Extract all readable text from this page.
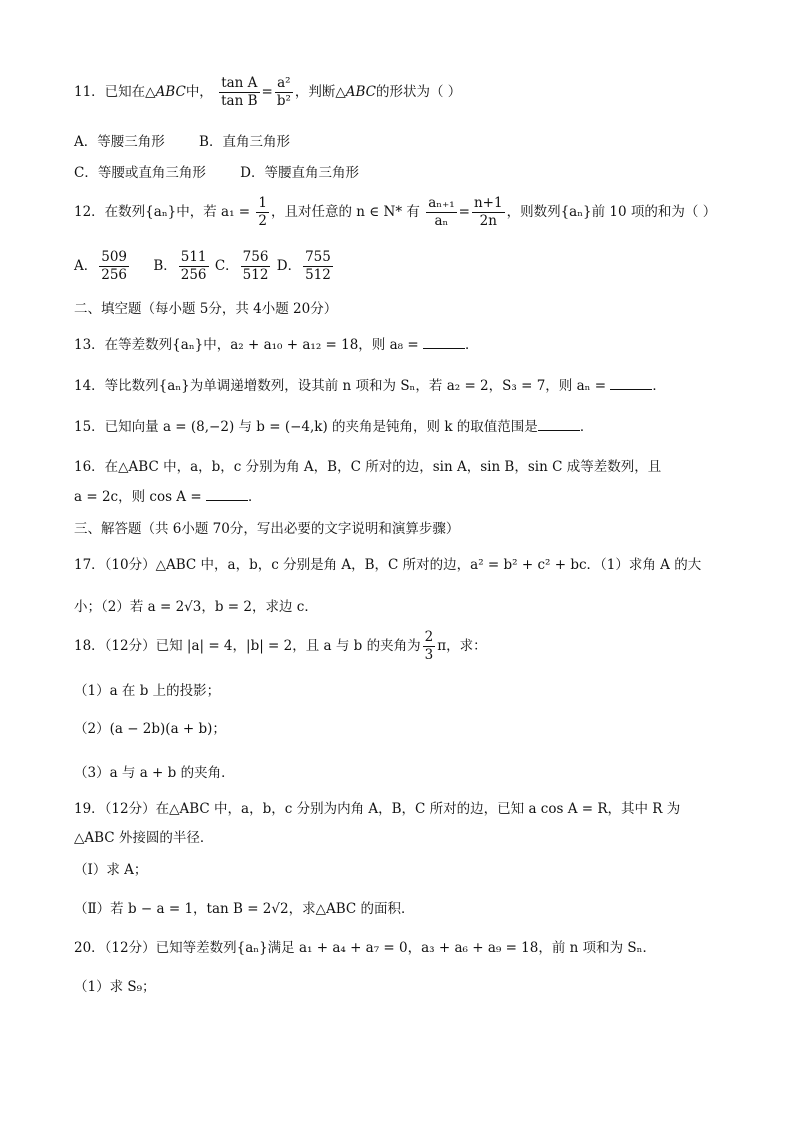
11．已知在△ABC中， $\frac{\text{tan A}}{\text{tan B}} = \frac{\text{a²}}{\text{b²}}$ ，判断△ABC的形状为（ ）
A．等腰三角形	B．直角三角形
C．等腰或直角三角形	D．等腰直角三角形
12．在数列{aₙ}中，若 $a_1 = \frac{1}{2}$ ，且对任意的 n ∈ N* 有 $\frac{\text{aₙ₊₁}}{\text{aₙ}} = \frac{n+1}{2n}$ ，则数列{aₙ}前 10 项的和为（ ）
A． $\frac{509}{256}$ B． $\frac{511}{256}$ C． $\frac{756}{512}$ D． $\frac{755}{512}$
二、填空题（每小题 5分，共 4小题 20分）
13．在等差数列{aₙ}中，a₂ + a₁₀ + a₁₂ = 18，则 a₈ =	．
14．等比数列{aₙ}为单调递增数列，设其前 n 项和为 Sₙ，若 a₂ = 2，S₃ = 7，则 aₙ =	．
15．已知向量 a = (8,−2) 与 b = (−4,k) 的夹角是钝角，则 k 的取值范围是	．
16．在△ABC 中，a，b，c 分别为角 A，B，C 所对的边，sin A，sin B，sin C 成等差数列，且
a = 2c，则 cos A =	．
三、解答题（共 6小题 70分，写出必要的文字说明和演算步骤）
17．（10分）△ABC 中，a，b，c 分别是角 A，B，C 所对的边，a² = b² + c² + bc．（1）求角 A 的大
小；（2）若 a = 2√3，b = 2，求边 c．
18．（12分）已知 |a| = 4，|b| = 2，且 a 与 b 的夹角为 $\frac{2}{3}$ π，求：
（1）a 在 b 上的投影；
（2）(a − 2b)(a + b)；
（3）a 与 a + b 的夹角．
19．（12分）在△ABC 中，a，b，c 分别为内角 A，B，C 所对的边，已知 a cos A = R，其中 R 为
△ABC 外接圆的半径．
（Ⅰ）求 A；
（Ⅱ）若 b − a = 1，tan B = 2√2，求△ABC 的面积．
20．（12分）已知等差数列{aₙ}满足 a₁ + a₄ + a₇ = 0，a₃ + a₆ + a₉ = 18，前 n 项和为 Sₙ．
（1）求 S₉；
